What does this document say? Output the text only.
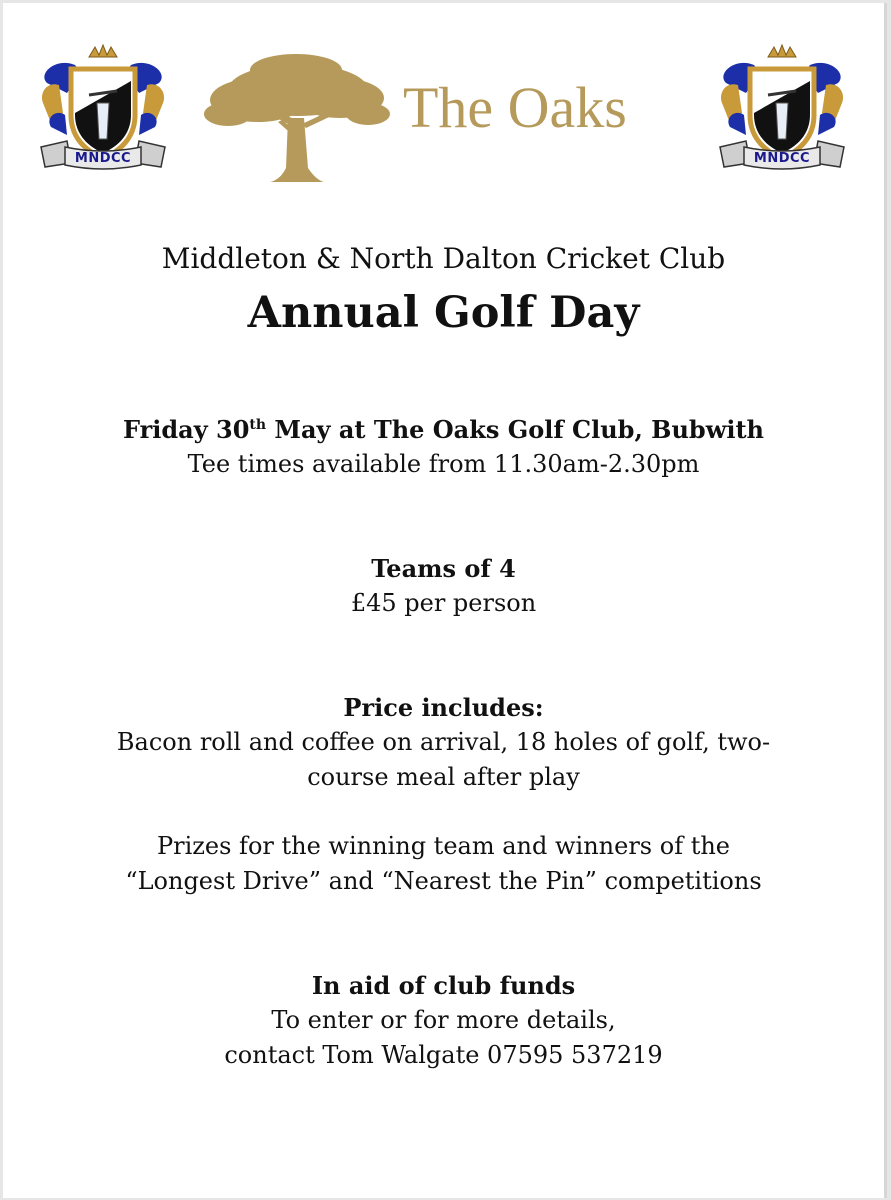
MNDCC
The Oaks
MNDCC
Middleton & North Dalton Cricket Club
Annual Golf Day
Friday 30th May at The Oaks Golf Club, Bubwith
Tee times available from 11.30am-2.30pm
Teams of 4
£45 per person
Price includes:
Bacon roll and coffee on arrival, 18 holes of golf, two-
course meal after play
Prizes for the winning team and winners of the
“Longest Drive” and “Nearest the Pin” competitions
In aid of club funds
To enter or for more details,
contact Tom Walgate 07595 537219
